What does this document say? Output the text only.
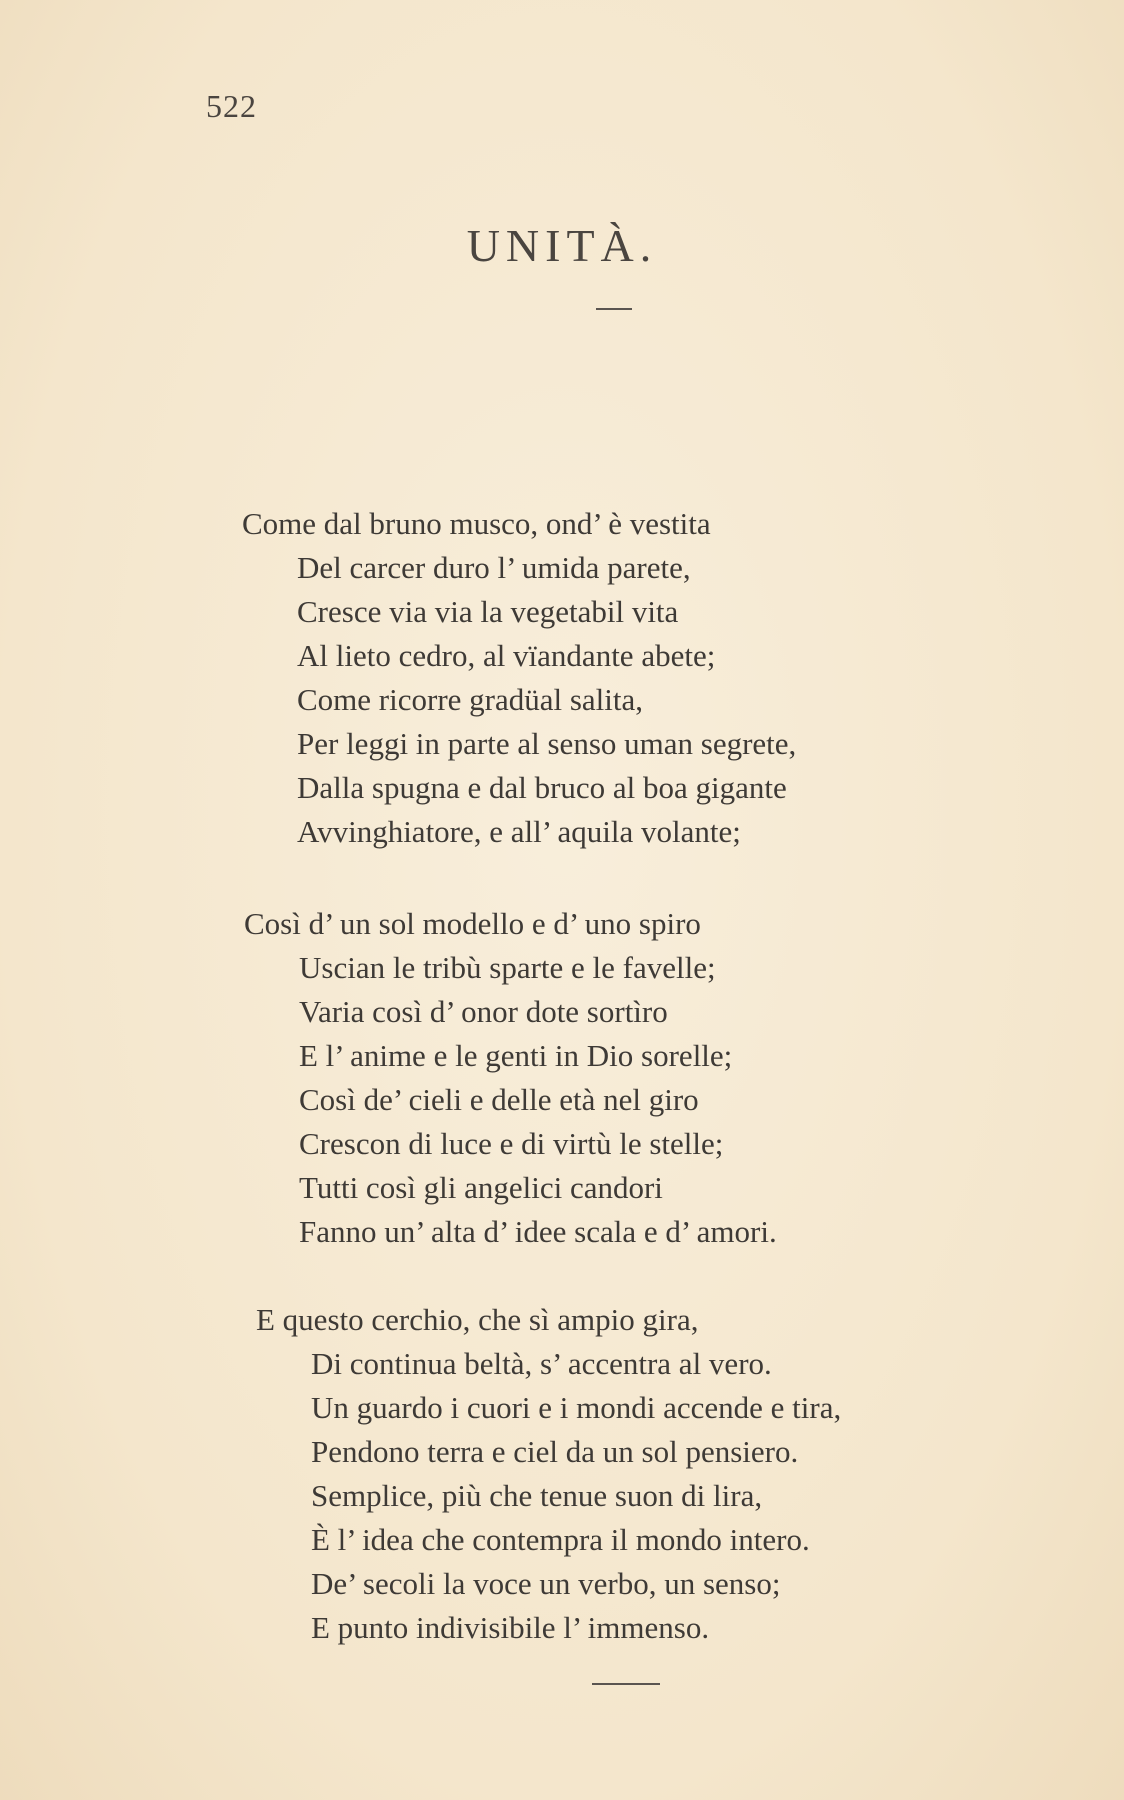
522
UNITÀ.
Come dal bruno musco, ond’ è vestita
Del carcer duro l’ umida parete,
Cresce via via la vegetabil vita
Al lieto cedro, al vïandante abete;
Come ricorre gradüal salita,
Per leggi in parte al senso uman segrete,
Dalla spugna e dal bruco al boa gigante
Avvinghiatore, e all’ aquila volante;
Così d’ un sol modello e d’ uno spiro
Uscian le tribù sparte e le favelle;
Varia così d’ onor dote sortìro
E l’ anime e le genti in Dio sorelle;
Così de’ cieli e delle età nel giro
Crescon di luce e di virtù le stelle;
Tutti così gli angelici candori
Fanno un’ alta d’ idee scala e d’ amori.
E questo cerchio, che sì ampio gira,
Di continua beltà, s’ accentra al vero.
Un guardo i cuori e i mondi accende e tira,
Pendono terra e ciel da un sol pensiero.
Semplice, più che tenue suon di lira,
È l’ idea che contempra il mondo intero.
De’ secoli la voce un verbo, un senso;
E punto indivisibile l’ immenso.
